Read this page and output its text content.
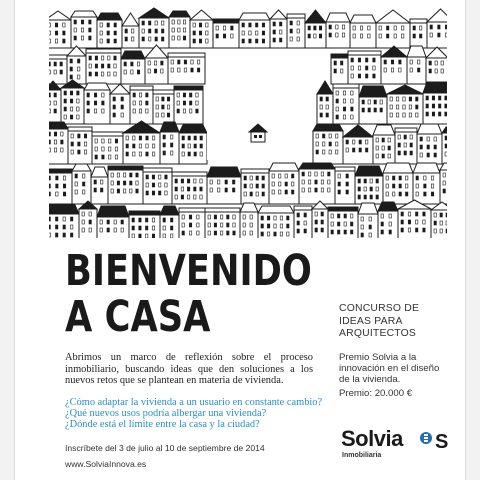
BIENVENIDO
A CASA
Abrimos un marco de reflexión sobre el proceso inmobiliario, buscando ideas que den soluciones a los nuevos retos que se plantean en materia de vivienda.
¿Cómo adaptar la vivienda a un usuario en constante cambio?
¿Qué nuevos usos podría albergar una vivienda?
¿Dónde está el límite entre la casa y la ciudad?
Inscríbete del 3 de julio al 10 de septiembre de 2014
www.SolviaInnova.es
CONCURSO DE
IDEAS PARA
ARQUITECTOS
Premio Solvia a la
innovación en el diseño
de la vivienda.
Premio: 20.000 €
Solvia
Inmobiliaria
S
